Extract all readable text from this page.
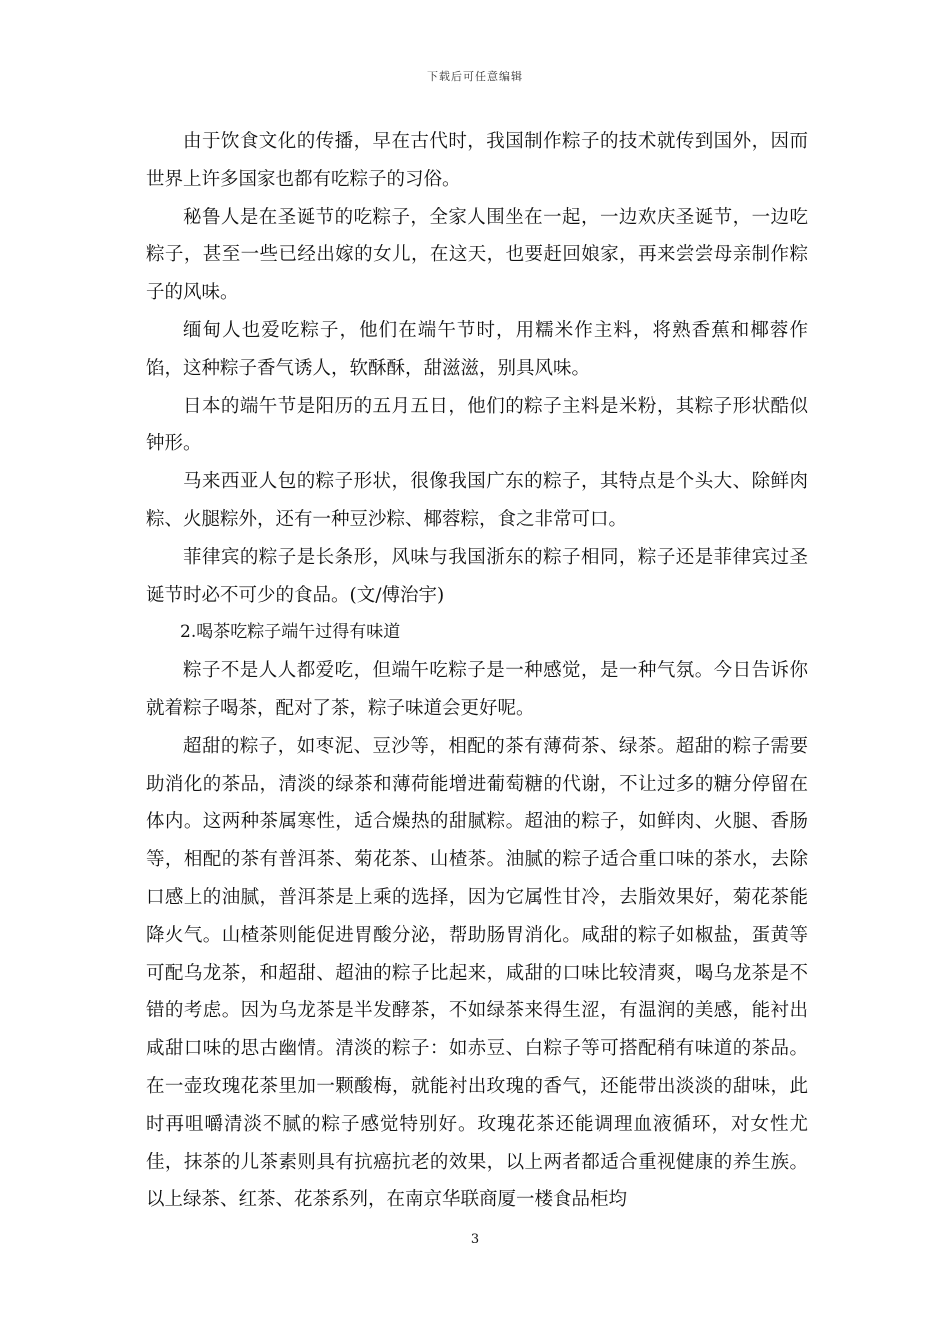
下载后可任意编辑

由于饮食文化的传播，早在古代时，我国制作粽子的技术就传到国外，因而世界上许多国家也都有吃粽子的习俗。

秘鲁人是在圣诞节的吃粽子，全家人围坐在一起，一边欢庆圣诞节，一边吃粽子，甚至一些已经出嫁的女儿，在这天，也要赶回娘家，再来尝尝母亲制作粽子的风味。

缅甸人也爱吃粽子，他们在端午节时，用糯米作主料，将熟香蕉和椰蓉作馅，这种粽子香气诱人，软酥酥，甜滋滋，别具风味。

日本的端午节是阳历的五月五日，他们的粽子主料是米粉，其粽子形状酷似钟形。

马来西亚人包的粽子形状，很像我国广东的粽子，其特点是个头大、除鲜肉粽、火腿粽外，还有一种豆沙粽、椰蓉粽，食之非常可口。

菲律宾的粽子是长条形，风味与我国浙东的粽子相同，粽子还是菲律宾过圣诞节时必不可少的食品。(文/傅治宇)

2.喝茶吃粽子端午过得有味道

粽子不是人人都爱吃，但端午吃粽子是一种感觉，是一种气氛。今日告诉你就着粽子喝茶，配对了茶，粽子味道会更好呢。

超甜的粽子，如枣泥、豆沙等，相配的茶有薄荷茶、绿茶。超甜的粽子需要助消化的茶品，清淡的绿茶和薄荷能增进葡萄糖的代谢，不让过多的糖分停留在体内。这两种茶属寒性，适合燥热的甜腻粽。超油的粽子，如鲜肉、火腿、香肠等，相配的茶有普洱茶、菊花茶、山楂茶。油腻的粽子适合重口味的茶水，去除口感上的油腻，普洱茶是上乘的选择，因为它属性甘冷，去脂效果好，菊花茶能降火气。山楂茶则能促进胃酸分泌，帮助肠胃消化。咸甜的粽子如椒盐，蛋黄等可配乌龙茶，和超甜、超油的粽子比起来，咸甜的口味比较清爽，喝乌龙茶是不错的考虑。因为乌龙茶是半发酵茶，不如绿茶来得生涩，有温润的美感，能衬出咸甜口味的思古幽情。清淡的粽子：如赤豆、白粽子等可搭配稍有味道的茶品。在一壶玫瑰花茶里加一颗酸梅，就能衬出玫瑰的香气，还能带出淡淡的甜味，此时再咀嚼清淡不腻的粽子感觉特别好。玫瑰花茶还能调理血液循环，对女性尤佳，抹茶的儿茶素则具有抗癌抗老的效果，以上两者都适合重视健康的养生族。以上绿茶、红茶、花茶系列，在南京华联商厦一楼食品柜均

3
